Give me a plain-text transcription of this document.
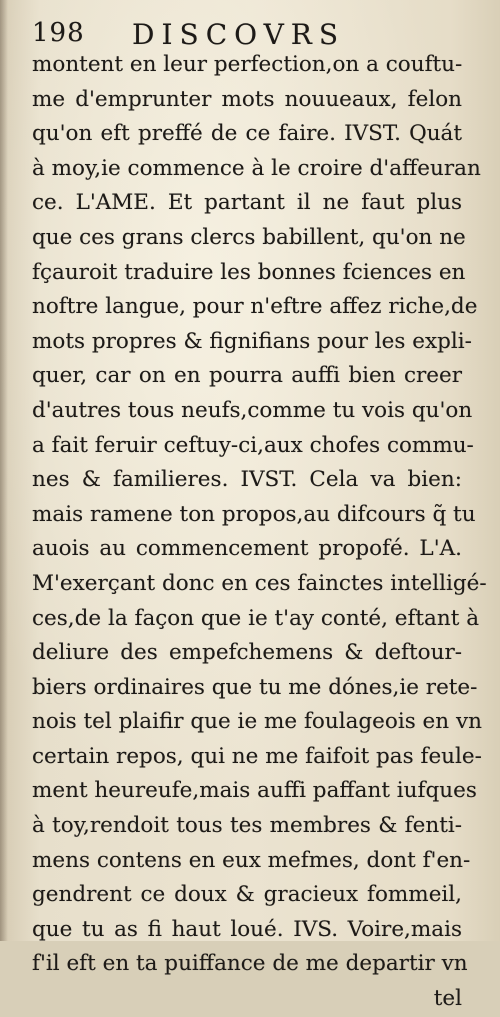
198 DISCOVRS
montent en leur perfection,on a couftu-
me d'emprunter mots nouueaux, felon
qu'on eft preffé de ce faire. IVST. Quát
à moy,ie commence à le croire d'affeuran
ce. L'AME. Et partant il ne faut plus
que ces grans clercs babillent, qu'on ne
fçauroit traduire les bonnes fciences en
noftre langue, pour n'eftre affez riche,de
mots propres & fignifians pour les expli-
quer, car on en pourra auffi bien creer
d'autres tous neufs,comme tu vois qu'on
a fait feruir ceftuy-ci,aux chofes commu-
nes & familieres. IVST. Cela va bien:
mais ramene ton propos,au difcours q̃ tu
auois au commencement propofé. L'A.
M'exerçant donc en ces fainctes intelligé-
ces,de la façon que ie t'ay conté, eftant à
deliure des empefchemens & deftour-
biers ordinaires que tu me dónes,ie rete-
nois tel plaifir que ie me foulageois en vn
certain repos, qui ne me faifoit pas feule-
ment heureufe,mais auffi paffant iufques
à toy,rendoit tous tes membres & fenti-
mens contens en eux mefmes, dont f'en-
gendrent ce doux & gracieux fommeil,
que tu as fi haut loué. IVS. Voire,mais
f'il eft en ta puiffance de me departir vn
tel
